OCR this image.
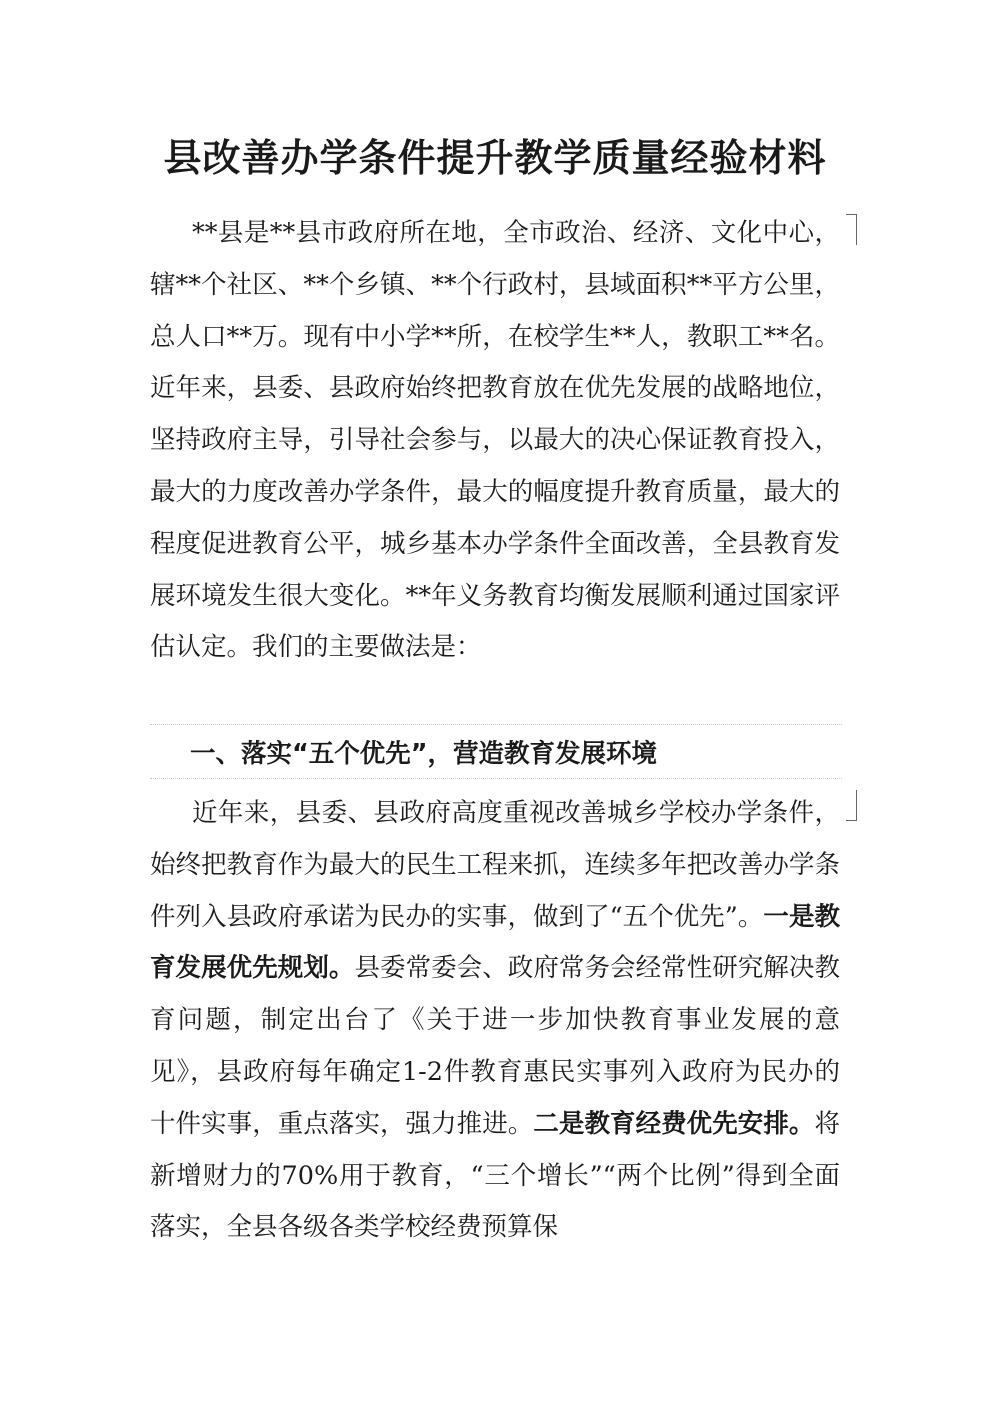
县改善办学条件提升教学质量经验材料

**县是**县市政府所在地，全市政治、经济、文化中心，辖**个社区、**个乡镇、**个行政村，县域面积**平方公里，总人口**万。现有中小学**所，在校学生**人，教职工**名。近年来，县委、县政府始终把教育放在优先发展的战略地位，坚持政府主导，引导社会参与，以最大的决心保证教育投入，最大的力度改善办学条件，最大的幅度提升教育质量，最大的程度促进教育公平，城乡基本办学条件全面改善，全县教育发展环境发生很大变化。**年义务教育均衡发展顺利通过国家评估认定。我们的主要做法是：

一、落实“五个优先”，营造教育发展环境

近年来，县委、县政府高度重视改善城乡学校办学条件，始终把教育作为最大的民生工程来抓，连续多年把改善办学条件列入县政府承诺为民办的实事，做到了“五个优先”。一是教育发展优先规划。县委常委会、政府常务会经常性研究解决教育问题，制定出台了《关于进一步加快教育事业发展的意见》，县政府每年确定1-2件教育惠民实事列入政府为民办的十件实事，重点落实，强力推进。二是教育经费优先安排。将新增财力的70%用于教育，“三个增长”“两个比例”得到全面落实，全县各级各类学校经费预算保
